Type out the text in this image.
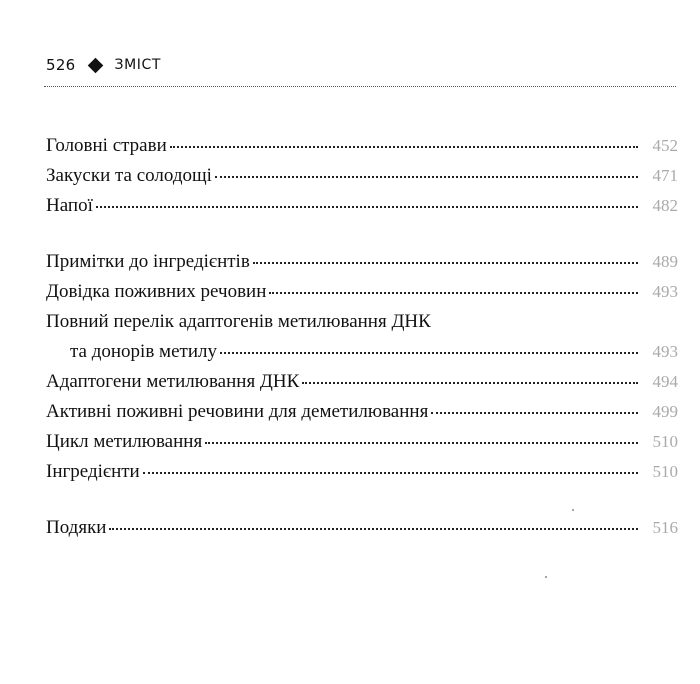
526	ЗМІСТ
Головні страви	452
Закуски та солодощі	471
Напої	482
Примітки до інгредієнтів	489
Довідка поживних речовин	493
Повний перелік адаптогенів метилювання ДНК
та донорів метилу	493
Адаптогени метилювання ДНК	494
Активні поживні речовини для деметилювання	499
Цикл метилювання	510
Інгредієнти	510
Подяки	516
